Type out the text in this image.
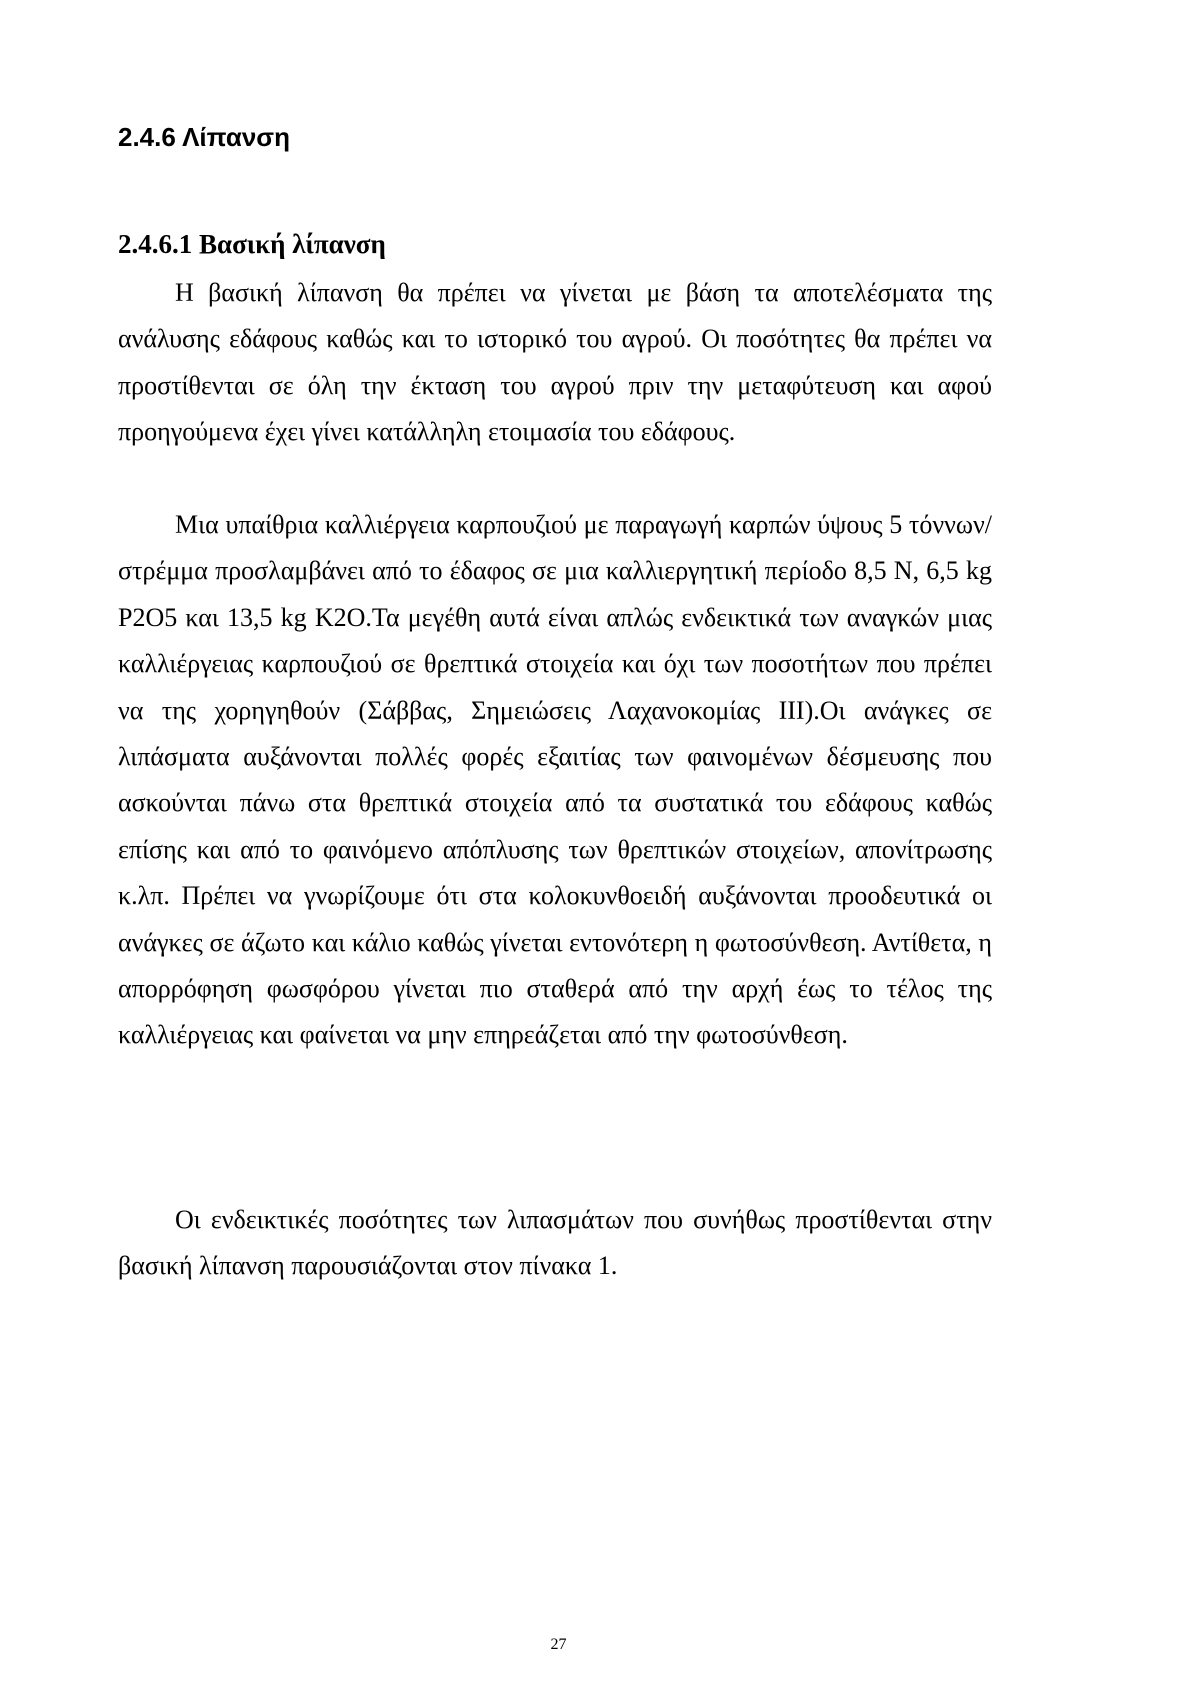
2.4.6 Λίπανση
2.4.6.1 Βασική λίπανση

Η βασική λίπανση θα πρέπει να γίνεται με βάση τα αποτελέσματα της ανάλυσης εδάφους καθώς και το ιστορικό του αγρού. Οι ποσότητες θα πρέπει να προστίθενται σε όλη την έκταση του αγρού πριν την μεταφύτευση και αφού προηγούμενα έχει γίνει κατάλληλη ετοιμασία του εδάφους.

Μια υπαίθρια καλλιέργεια καρπουζιού με παραγωγή καρπών ύψους 5 τόννων/στρέμμα προσλαμβάνει από το έδαφος σε μια καλλιεργητική περίοδο 8,5 N, 6,5 kg P2O5 και 13,5 kg K2O.Τα μεγέθη αυτά είναι απλώς ενδεικτικά των αναγκών μιας καλλιέργειας καρπουζιού σε θρεπτικά στοιχεία και όχι των ποσοτήτων που πρέπει να της χορηγηθούν (Σάββας, Σημειώσεις Λαχανοκομίας ΙΙΙ).Οι ανάγκες σε λιπάσματα αυξάνονται πολλές φορές εξαιτίας των φαινομένων δέσμευσης που ασκούνται πάνω στα θρεπτικά στοιχεία από τα συστατικά του εδάφους καθώς επίσης και από το φαινόμενο απόπλυσης των θρεπτικών στοιχείων, απονίτρωσης κ.λπ. Πρέπει να γνωρίζουμε ότι στα κολοκυνθοειδή αυξάνονται προοδευτικά οι ανάγκες σε άζωτο και κάλιο καθώς γίνεται εντονότερη η φωτοσύνθεση. Αντίθετα, η απορρόφηση φωσφόρου γίνεται πιο σταθερά από την αρχή έως το τέλος της καλλιέργειας και φαίνεται να μην επηρεάζεται από την φωτοσύνθεση.

Οι ενδεικτικές ποσότητες των λιπασμάτων που συνήθως προστίθενται στην βασική λίπανση παρουσιάζονται στον πίνακα 1.

27
